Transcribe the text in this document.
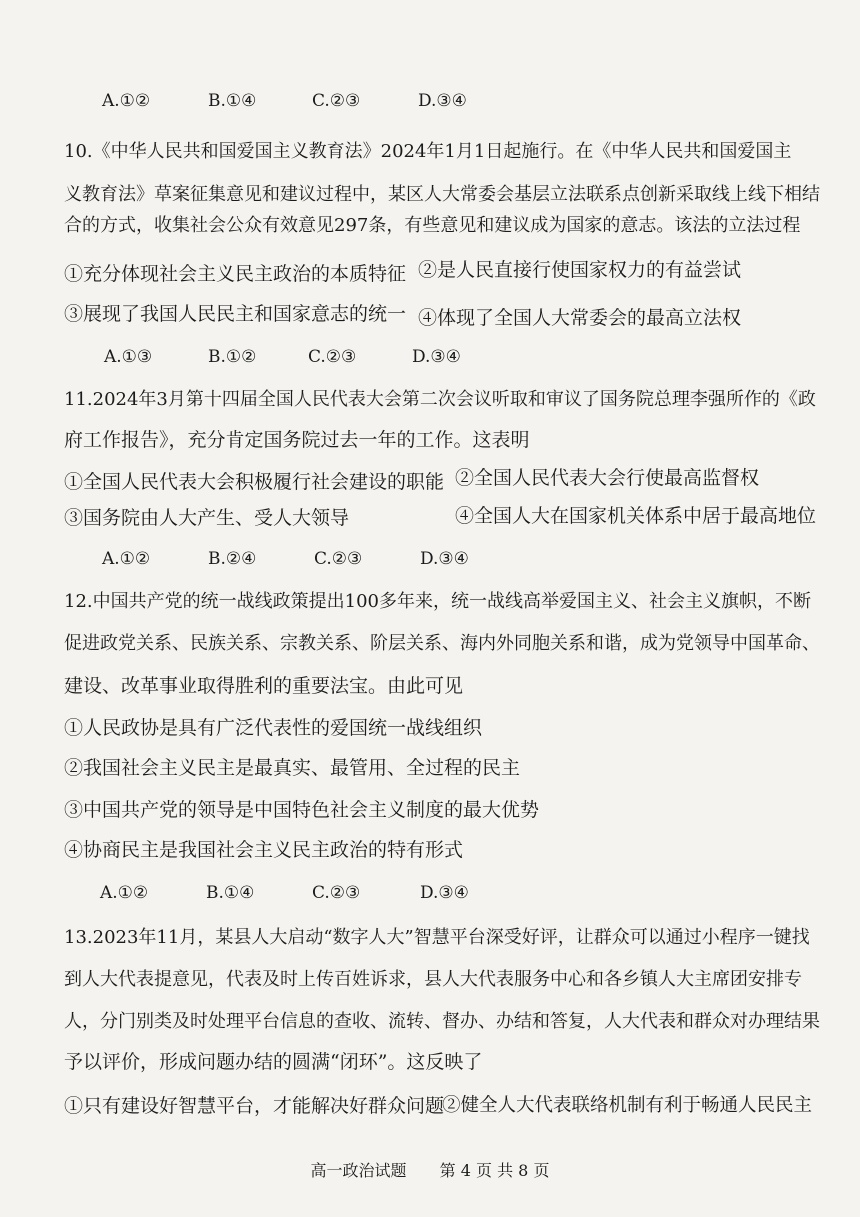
A.①②	B.①④	C.②③	D.③④
10.《中华人民共和国爱国主义教育法》2024年1月1日起施行。在《中华人民共和国爱国主
义教育法》草案征集意见和建议过程中，某区人大常委会基层立法联系点创新采取线上线下相结
合的方式，收集社会公众有效意见297条，有些意见和建议成为国家的意志。该法的立法过程
①充分体现社会主义民主政治的本质特征 ②是人民直接行使国家权力的有益尝试
③展现了我国人民民主和国家意志的统一 ④体现了全国人大常委会的最高立法权
A.①③	B.①②	C.②③	D.③④
11.2024年3月第十四届全国人民代表大会第二次会议听取和审议了国务院总理李强所作的《政
府工作报告》，充分肯定国务院过去一年的工作。这表明
①全国人民代表大会积极履行社会建设的职能 ②全国人民代表大会行使最高监督权
③国务院由人大产生、受人大领导	④全国人大在国家机关体系中居于最高地位
A.①②	B.②④	C.②③	D.③④
12.中国共产党的统一战线政策提出100多年来，统一战线高举爱国主义、社会主义旗帜，不断
促进政党关系、民族关系、宗教关系、阶层关系、海内外同胞关系和谐，成为党领导中国革命、
建设、改革事业取得胜利的重要法宝。由此可见
①人民政协是具有广泛代表性的爱国统一战线组织
②我国社会主义民主是最真实、最管用、全过程的民主
③中国共产党的领导是中国特色社会主义制度的最大优势
④协商民主是我国社会主义民主政治的特有形式
A.①②	B.①④	C.②③	D.③④
13.2023年11月，某县人大启动“数字人大”智慧平台深受好评，让群众可以通过小程序一键找
到人大代表提意见，代表及时上传百姓诉求，县人大代表服务中心和各乡镇人大主席团安排专
人，分门别类及时处理平台信息的查收、流转、督办、办结和答复，人大代表和群众对办理结果
予以评价，形成问题办结的圆满“闭环”。这反映了
①只有建设好智慧平台，才能解决好群众问题
②健全人大代表联络机制有利于畅通人民民主
高一政治试题 第 4 页 共 8 页
